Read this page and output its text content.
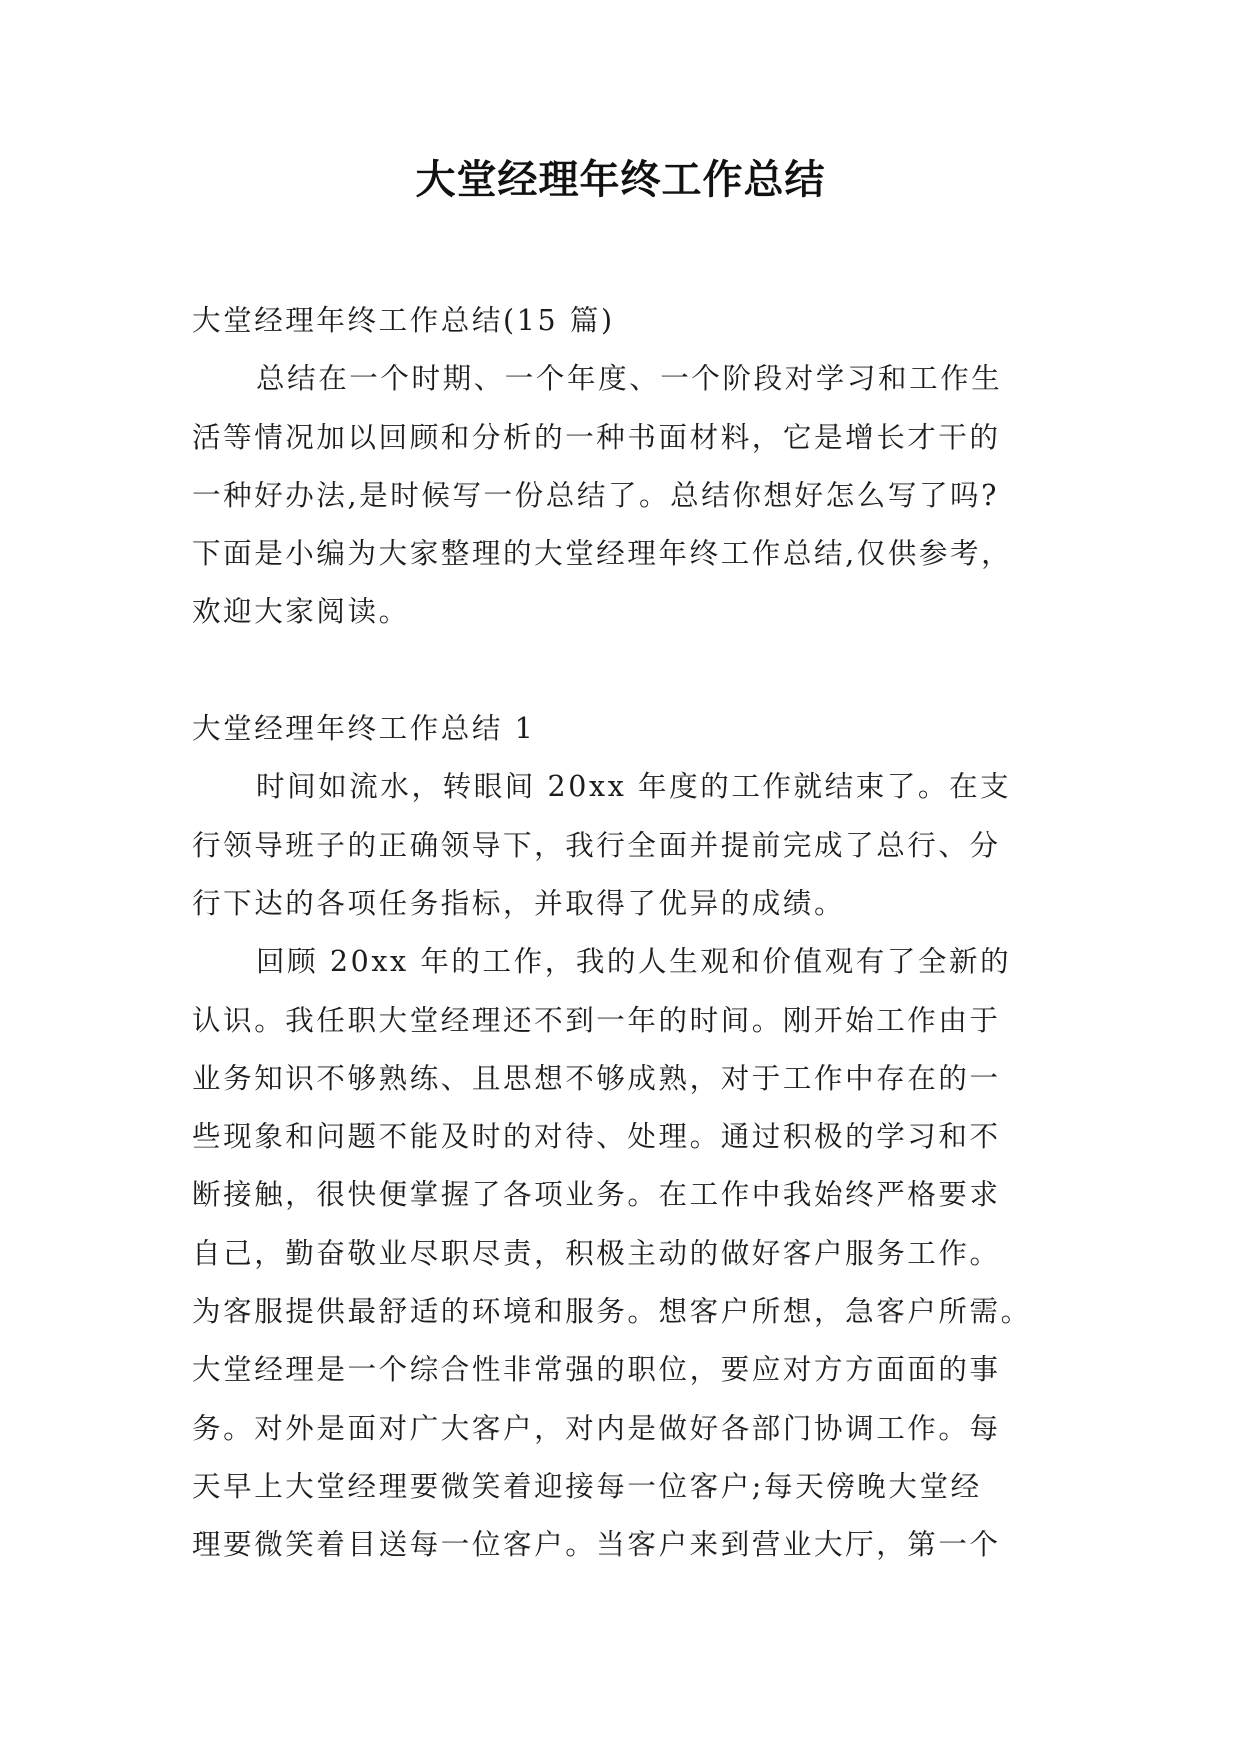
大堂经理年终工作总结

大堂经理年终工作总结(15 篇)

总结在一个时期、一个年度、一个阶段对学习和工作生

活等情况加以回顾和分析的一种书面材料，它是增长才干的

一种好办法,是时候写一份总结了。总结你想好怎么写了吗?

下面是小编为大家整理的大堂经理年终工作总结,仅供参考，

欢迎大家阅读。

大堂经理年终工作总结 1

时间如流水，转眼间 20xx 年度的工作就结束了。在支

行领导班子的正确领导下，我行全面并提前完成了总行、分

行下达的各项任务指标，并取得了优异的成绩。

回顾 20xx 年的工作，我的人生观和价值观有了全新的

认识。我任职大堂经理还不到一年的时间。刚开始工作由于

业务知识不够熟练、且思想不够成熟，对于工作中存在的一

些现象和问题不能及时的对待、处理。通过积极的学习和不

断接触，很快便掌握了各项业务。在工作中我始终严格要求

自己，勤奋敬业尽职尽责，积极主动的做好客户服务工作。

为客服提供最舒适的环境和服务。想客户所想，急客户所需。

大堂经理是一个综合性非常强的职位，要应对方方面面的事

务。对外是面对广大客户，对内是做好各部门协调工作。每

天早上大堂经理要微笑着迎接每一位客户;每天傍晚大堂经

理要微笑着目送每一位客户。当客户来到营业大厅，第一个
